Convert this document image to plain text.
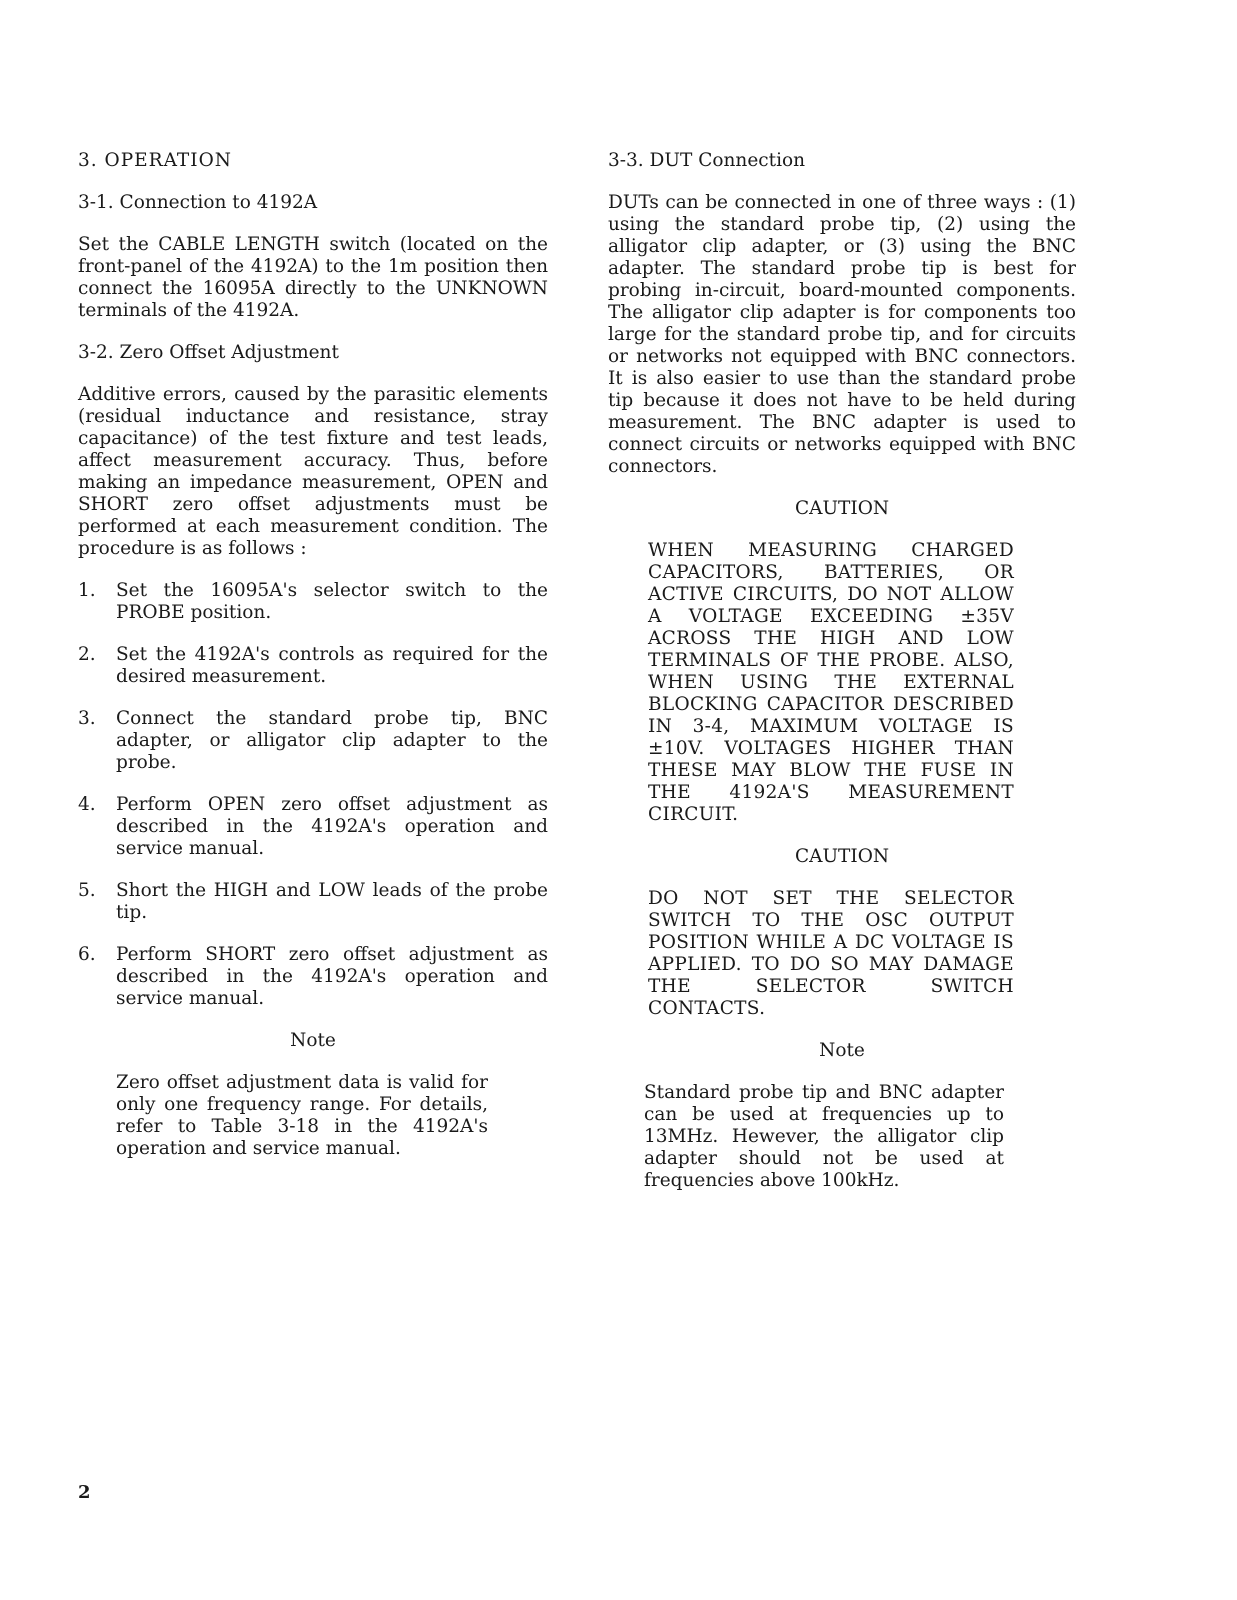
3. OPERATION
3-1. Connection to 4192A

Set the CABLE LENGTH switch (located on the front-panel of the 4192A) to the 1m position then connect the 16095A directly to the UNKNOWN terminals of the 4192A.

3-2. Zero Offset Adjustment

Additive errors, caused by the parasitic elements (residual inductance and resistance, stray capacitance) of the test fixture and test leads, affect measurement accuracy. Thus, before making an impedance measurement, OPEN and SHORT zero offset adjustments must be performed at each measurement condition. The procedure is as follows :

1. Set the 16095A's selector switch to the PROBE position.
2. Set the 4192A's controls as required for the desired measurement.
3. Connect the standard probe tip, BNC adapter, or alligator clip adapter to the probe.
4. Perform OPEN zero offset adjustment as described in the 4192A's operation and service manual.
5. Short the HIGH and LOW leads of the probe tip.
6. Perform SHORT zero offset adjustment as described in the 4192A's operation and service manual.
Note
Zero offset adjustment data is valid for only one frequency range. For details, refer to Table 3-18 in the 4192A's operation and service manual.
3-3. DUT Connection

DUTs can be connected in one of three ways : (1) using the standard probe tip, (2) using the alligator clip adapter, or (3) using the BNC adapter. The standard probe tip is best for probing in-circuit, board-mounted components. The alligator clip adapter is for components too large for the standard probe tip, and for circuits or networks not equipped with BNC connectors. It is also easier to use than the standard probe tip because it does not have to be held during measurement. The BNC adapter is used to connect circuits or networks equipped with BNC connectors.

CAUTION
WHEN MEASURING CHARGED CAPACITORS, BATTERIES, OR ACTIVE CIRCUITS, DO NOT ALLOW A VOLTAGE EXCEEDING ±35V ACROSS THE HIGH AND LOW TERMINALS OF THE PROBE. ALSO, WHEN USING THE EXTERNAL BLOCKING CAPACITOR DESCRIBED IN 3-4, MAXIMUM VOLTAGE IS ±10V. VOLTAGES HIGHER THAN THESE MAY BLOW THE FUSE IN THE 4192A'S MEASUREMENT CIRCUIT.
CAUTION
DO NOT SET THE SELECTOR SWITCH TO THE OSC OUTPUT POSITION WHILE A DC VOLTAGE IS APPLIED. TO DO SO MAY DAMAGE THE SELECTOR SWITCH CONTACTS.
Note
Standard probe tip and BNC adapter can be used at frequencies up to 13MHz. Hewever, the alligator clip adapter should not be used at frequencies above 100kHz.
2
